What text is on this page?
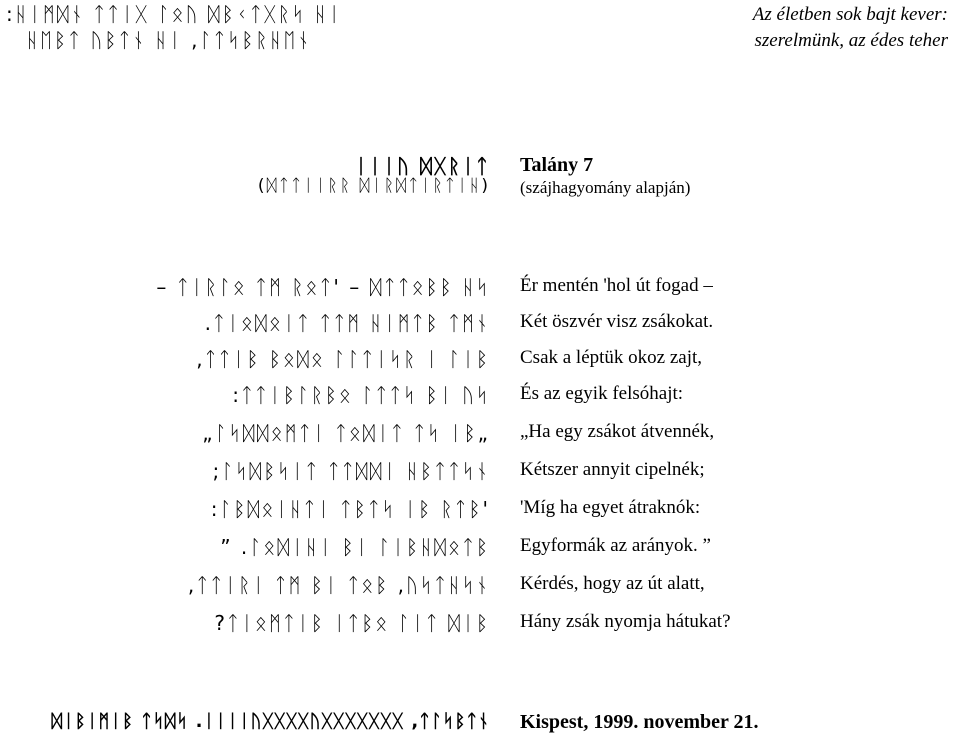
:ᚺᛁᛗᛞᚾ ᛏᛏᛁᚷ ᛚᛟᚢ ᛞᛒᚲᛏᚷᚱᛋ ᚺᛁ
ᚺᛖᛒᛏ ᚢᛒᛏᚾ ᚺᛁ ,ᛚᛏᛋᛒᚱᚺᛖᚾ
Az életben sok bajt kever:
szerelmünk, az édes teher
ᛁᛁᛁᚢ ᛞᚷᚱᛁᛏ
(ᛞᛏᛏᛁᛁᚱᚱ ᛞᛁᚱᛞᛏᛁᚱᛏᛁᚺ)
Talány 7
(szájhagyomány alapján)
– ᛏᛁᚱᛚᛟ ᛏᛗ ᚱᛟᛏ' – ᛞᛏᛏᛟᛒᛒ ᚺᛋ
.ᛏᛁᛟᛞᛟᛁᛏ ᛏᛏᛗ ᚺᛁᛗᛏᛒ ᛏᛗᚾ
,ᛏᛏᛁᛒ ᛒᛟᛞᛟ ᛚᛚᛏᛁᛋᚱ ᛁ ᛚᛁᛒ
:ᛏᛏᛁᛒᛚᚱᛒᛟ ᛚᛏᛏᛋ ᛒᛁ ᚢᛋ
„ᛚᛋᛞᛞᛟᛗᛏᛁ ᛏᛟᛞᛁᛏ ᛏᛋ ᛁᛒ„
;ᛚᛋᛞᛒᛋᛁᛏ ᛏᛏᛞᛞᛁ ᚺᛒᛏᛏᛋᚾ
:ᛚᛒᛞᛟᛁᚺᛏᛁ ᛏᛒᛏᛋ ᛁᛒ ᚱᛏᛒ'
” .ᛚᛟᛞᛁᚺᛁ ᛒᛁ ᛚᛁᛒᚺᛞᛟᛏᛒ
,ᛏᛏᛁᚱᛁ ᛏᛗ ᛒᛁ ᛏᛟᛒ ,ᚢᛋᛏᚺᛋᚾ
?ᛏᛁᛟᛗᛏᛁᛒ ᛁᛏᛒᛟ ᛚᛁᛏ ᛞᛁᛒ
Ér mentén 'hol út fogad –
Két öszvér visz zsákokat.
Csak a léptük okoz zajt,
És az egyik felsóhajt:
„Ha egy zsákot átvennék,
Kétszer annyit cipelnék;
'Míg ha egyet átraknók:
Egyformák az arányok. ”
Kérdés, hogy az út alatt,
Hány zsák nyomja hátukat?
ᛞᛁᛒᛁᛗᛁᛒ ᛏᛋᛞᛋ .ᛁᛁᛁᛁᚢᚷᚷᚷᚷᚢᚷᚷᚷᚷᚷᚷᚷ ,ᛏᛚᛋᛒᛏᚾ Kispest, 1999. november 21.
